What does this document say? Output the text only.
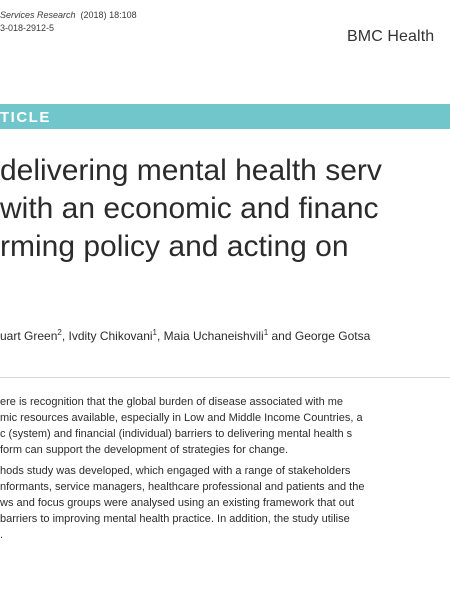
Services Research (2018) 18:108
3-018-2912-5	BMC Health
TICLE
delivering mental health serv
with an economic and financ
rming policy and acting on
uart Green$^2$, Ivdity Chikovani$^1$, Maia Uchaneishvili$^1$ and George Gotsa
ere is recognition that the global burden of disease associated with me
mic resources available, especially in Low and Middle Income Countries, a
c (system) and financial (individual) barriers to delivering mental health s
form can support the development of strategies for change.
hods study was developed, which engaged with a range of stakeholders
nformants, service managers, healthcare professional and patients and the
ws and focus groups were analysed using an existing framework that out
barriers to improving mental health practice. In addition, the study utilise
.
